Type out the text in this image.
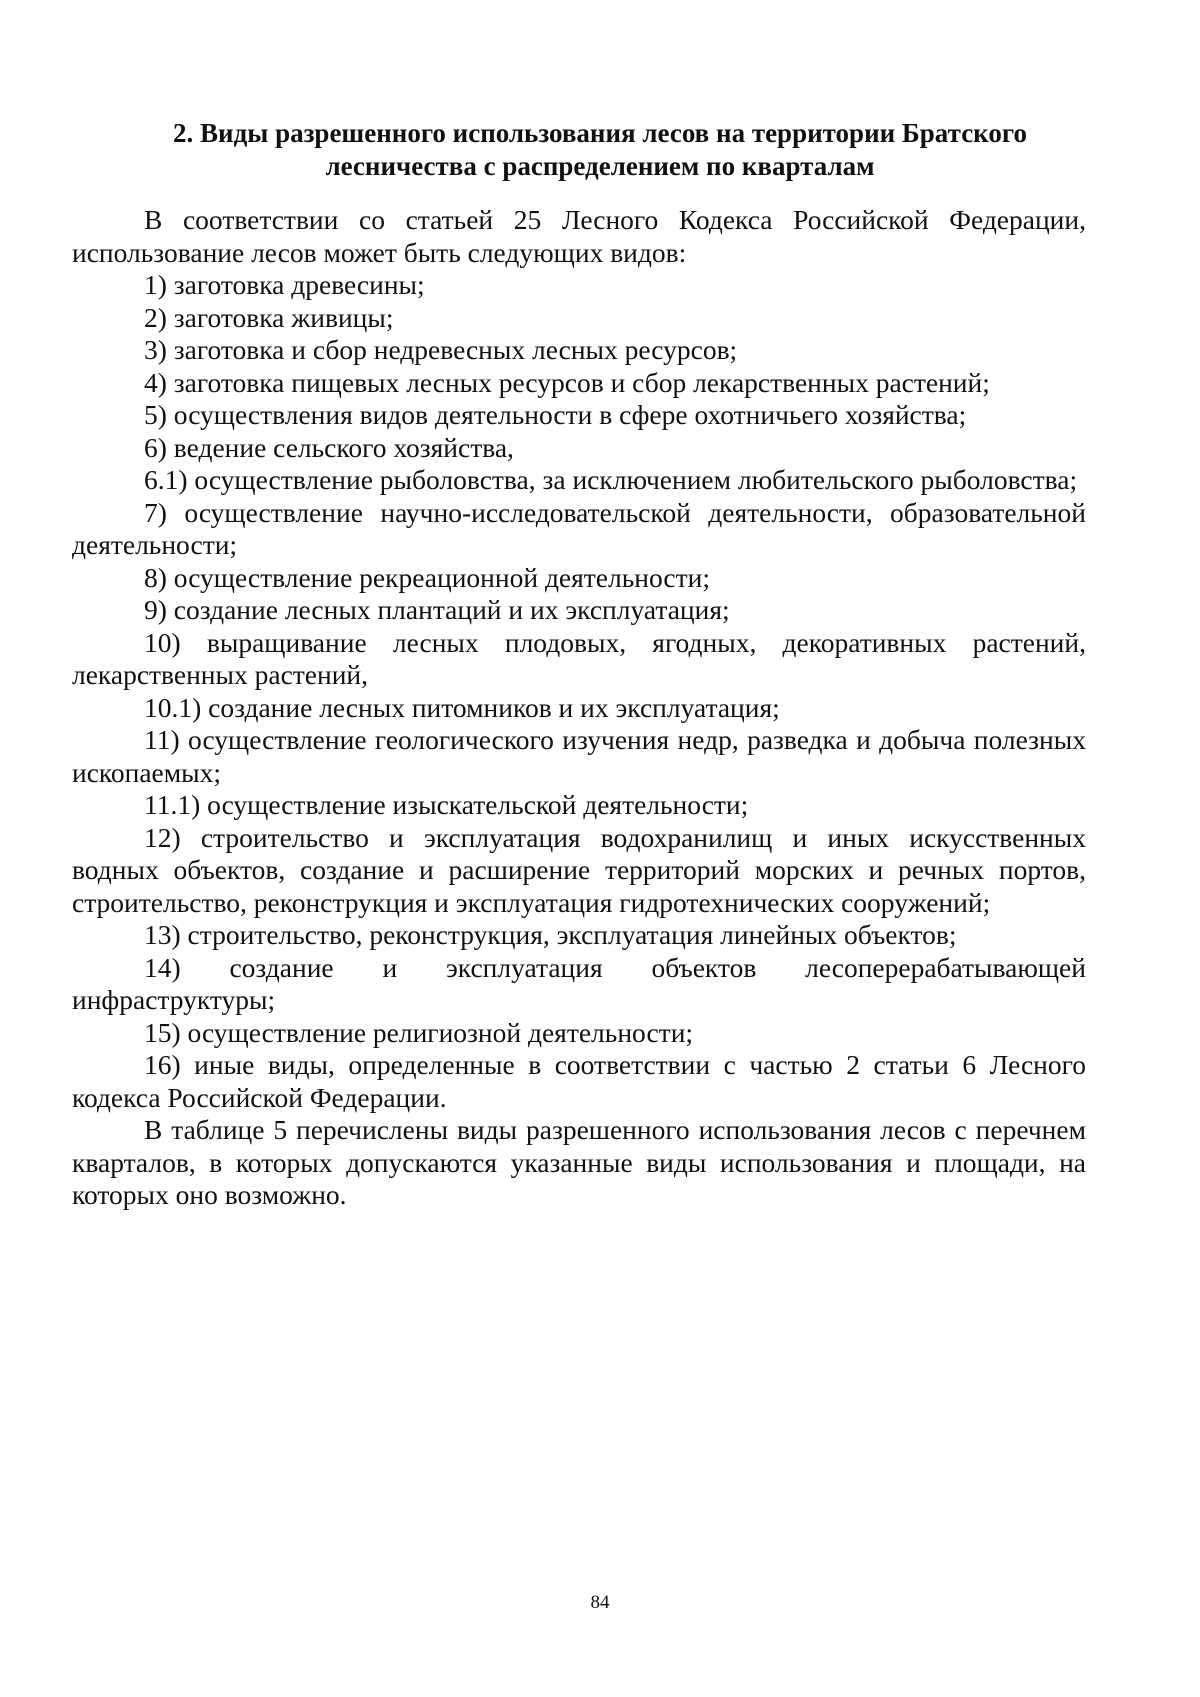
2. Виды разрешенного использования лесов на территории Братского
лесничества с распределением по кварталам

В соответствии со статьей 25 Лесного Кодекса Российской Федерации, использование лесов может быть следующих видов:

1) заготовка древесины;

2) заготовка живицы;

3) заготовка и сбор недревесных лесных ресурсов;

4) заготовка пищевых лесных ресурсов и сбор лекарственных растений;

5) осуществления видов деятельности в сфере охотничьего хозяйства;

6) ведение сельского хозяйства,

6.1) осуществление рыболовства, за исключением любительского рыболовства;

7) осуществление научно-исследовательской деятельности, образовательной деятельности;

8) осуществление рекреационной деятельности;

9) создание лесных плантаций и их эксплуатация;

10) выращивание лесных плодовых, ягодных, декоративных растений, лекарственных растений,

10.1) создание лесных питомников и их эксплуатация;

11) осуществление геологического изучения недр, разведка и добыча полезных ископаемых;

11.1) осуществление изыскательской деятельности;

12) строительство и эксплуатация водохранилищ и иных искусственных водных объектов, создание и расширение территорий морских и речных портов, строительство, реконструкция и эксплуатация гидротехнических сооружений;

13) строительство, реконструкция, эксплуатация линейных объектов;

14) создание и эксплуатация объектов лесоперерабатывающей инфраструктуры;

15) осуществление религиозной деятельности;

16) иные виды, определенные в соответствии с частью 2 статьи 6 Лесного кодекса Российской Федерации.

В таблице 5 перечислены виды разрешенного использования лесов с перечнем кварталов, в которых допускаются указанные виды использования и площади, на которых оно возможно.

84
